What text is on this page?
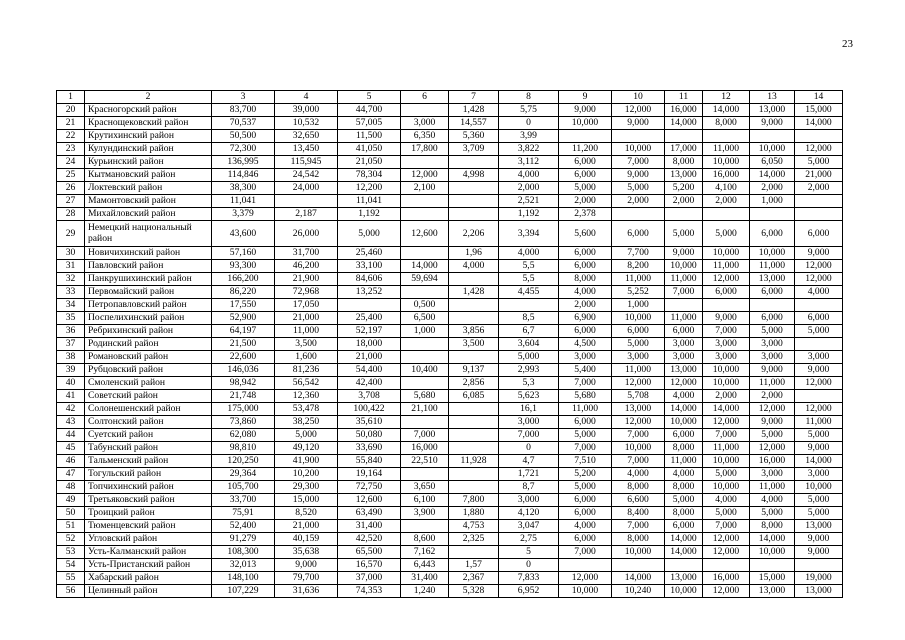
23
1	2	3	4	5	6	7	8	9	10	11	12	13	14
20	Красногорский район	83,700	39,000	44,700		1,428	5,75	9,000	12,000	16,000	14,000	13,000	15,000
21	Краснощековский район	70,537	10,532	57,005	3,000	14,557	0	10,000	9,000	14,000	8,000	9,000	14,000
22	Крутихинский район	50,500	32,650	11,500	6,350	5,360	3,99						
23	Кулундинский район	72,300	13,450	41,050	17,800	3,709	3,822	11,200	10,000	17,000	11,000	10,000	12,000
24	Курьинский район	136,995	115,945	21,050			3,112	6,000	7,000	8,000	10,000	6,050	5,000
25	Кытмановский район	114,846	24,542	78,304	12,000	4,998	4,000	6,000	9,000	13,000	16,000	14,000	21,000
26	Локтевский район	38,300	24,000	12,200	2,100		2,000	5,000	5,000	5,200	4,100	2,000	2,000
27	Мамонтовский район	11,041		11,041			2,521	2,000	2,000	2,000	2,000	1,000	
28	Михайловский район	3,379	2,187	1,192			1,192	2,378					
29	Немецкий национальный район	43,600	26,000	5,000	12,600	2,206	3,394	5,600	6,000	5,000	5,000	6,000	6,000
30	Новичихинский район	57,160	31,700	25,460		1,96	4,000	6,000	7,700	9,000	10,000	10,000	9,000
31	Павловский район	93,300	46,200	33,100	14,000	4,000	5,5	6,000	8,200	10,000	11,000	11,000	12,000
32	Панкрушихинский район	166,200	21,900	84,606	59,694		5,5	8,000	11,000	11,000	12,000	13,000	12,000
33	Первомайский район	86,220	72,968	13,252		1,428	4,455	4,000	5,252	7,000	6,000	6,000	4,000
34	Петропавловский район	17,550	17,050		0,500			2,000	1,000				
35	Поспелихинский район	52,900	21,000	25,400	6,500		8,5	6,900	10,000	11,000	9,000	6,000	6,000
36	Ребрихинский район	64,197	11,000	52,197	1,000	3,856	6,7	6,000	6,000	6,000	7,000	5,000	5,000
37	Родинский район	21,500	3,500	18,000		3,500	3,604	4,500	5,000	3,000	3,000	3,000	
38	Романовский район	22,600	1,600	21,000			5,000	3,000	3,000	3,000	3,000	3,000	3,000
39	Рубцовский район	146,036	81,236	54,400	10,400	9,137	2,993	5,400	11,000	13,000	10,000	9,000	9,000
40	Смоленский район	98,942	56,542	42,400		2,856	5,3	7,000	12,000	12,000	10,000	11,000	12,000
41	Советский район	21,748	12,360	3,708	5,680	6,085	5,623	5,680	5,708	4,000	2,000	2,000	
42	Солонешенский район	175,000	53,478	100,422	21,100		16,1	11,000	13,000	14,000	14,000	12,000	12,000
43	Солтонский район	73,860	38,250	35,610			3,000	6,000	12,000	10,000	12,000	9,000	11,000
44	Суетский район	62,080	5,000	50,080	7,000		7,000	5,000	7,000	6,000	7,000	5,000	5,000
45	Табунский район	98,810	49,120	33,690	16,000		0	7,000	10,000	8,000	11,000	12,000	9,000
46	Тальменский район	120,250	41,900	55,840	22,510	11,928	4,7	7,510	7,000	11,000	10,000	16,000	14,000
47	Тогульский район	29,364	10,200	19,164			1,721	5,200	4,000	4,000	5,000	3,000	3,000
48	Топчихинский район	105,700	29,300	72,750	3,650		8,7	5,000	8,000	8,000	10,000	11,000	10,000
49	Третьяковский район	33,700	15,000	12,600	6,100	7,800	3,000	6,000	6,600	5,000	4,000	4,000	5,000
50	Троицкий район	75,91	8,520	63,490	3,900	1,880	4,120	6,000	8,400	8,000	5,000	5,000	5,000
51	Тюменцевский район	52,400	21,000	31,400		4,753	3,047	4,000	7,000	6,000	7,000	8,000	13,000
52	Угловский район	91,279	40,159	42,520	8,600	2,325	2,75	6,000	8,000	14,000	12,000	14,000	9,000
53	Усть-Калманский район	108,300	35,638	65,500	7,162		5	7,000	10,000	14,000	12,000	10,000	9,000
54	Усть-Пристанский район	32,013	9,000	16,570	6,443	1,57	0						
55	Хабарский район	148,100	79,700	37,000	31,400	2,367	7,833	12,000	14,000	13,000	16,000	15,000	19,000
56	Целинный район	107,229	31,636	74,353	1,240	5,328	6,952	10,000	10,240	10,000	12,000	13,000	13,000
